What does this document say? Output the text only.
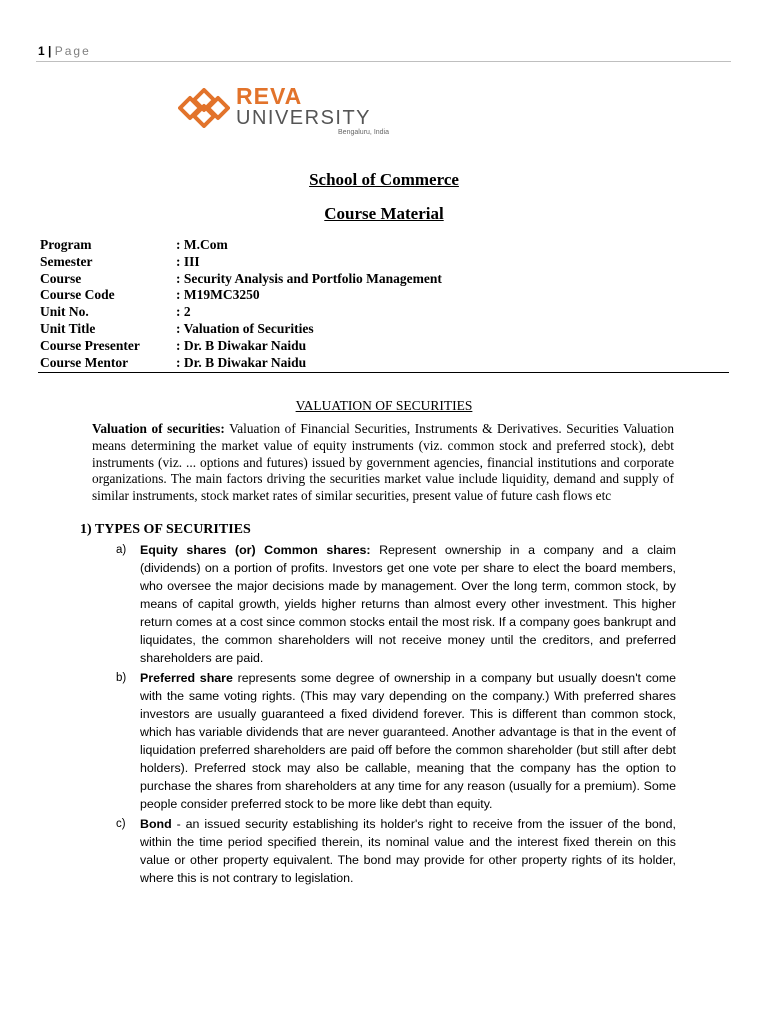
1 | Page
REVA
UNIVERSITY
Bengaluru, India
School of Commerce
Course Material
Program	: M.Com
Semester	: III
Course	: Security Analysis and Portfolio Management
Course Code	: M19MC3250
Unit No.	: 2
Unit Title	: Valuation of Securities
Course Presenter	: Dr. B Diwakar Naidu
Course Mentor	: Dr. B Diwakar Naidu
VALUATION OF SECURITIES
Valuation of securities: Valuation of Financial Securities, Instruments & Derivatives. Securities Valuation means determining the market value of equity instruments (viz. common stock and preferred stock), debt instruments (viz. ... options and futures) issued by government agencies, financial institutions and corporate organizations. The main factors driving the securities market value include liquidity, demand and supply of similar instruments, stock market rates of similar securities, present value of future cash flows etc
1) TYPES OF SECURITIES
a) Equity shares (or) Common shares: Represent ownership in a company and a claim (dividends) on a portion of profits. Investors get one vote per share to elect the board members, who oversee the major decisions made by management. Over the long term, common stock, by means of capital growth, yields higher returns than almost every other investment. This higher return comes at a cost since common stocks entail the most risk. If a company goes bankrupt and liquidates, the common shareholders will not receive money until the creditors, and preferred shareholders are paid.
b) Preferred share represents some degree of ownership in a company but usually doesn't come with the same voting rights. (This may vary depending on the company.) With preferred shares investors are usually guaranteed a fixed dividend forever. This is different than common stock, which has variable dividends that are never guaranteed. Another advantage is that in the event of liquidation preferred shareholders are paid off before the common shareholder (but still after debt holders). Preferred stock may also be callable, meaning that the company has the option to purchase the shares from shareholders at any time for any reason (usually for a premium). Some people consider preferred stock to be more like debt than equity.
c) Bond - an issued security establishing its holder's right to receive from the issuer of the bond, within the time period specified therein, its nominal value and the interest fixed therein on this value or other property equivalent. The bond may provide for other property rights of its holder, where this is not contrary to legislation.
